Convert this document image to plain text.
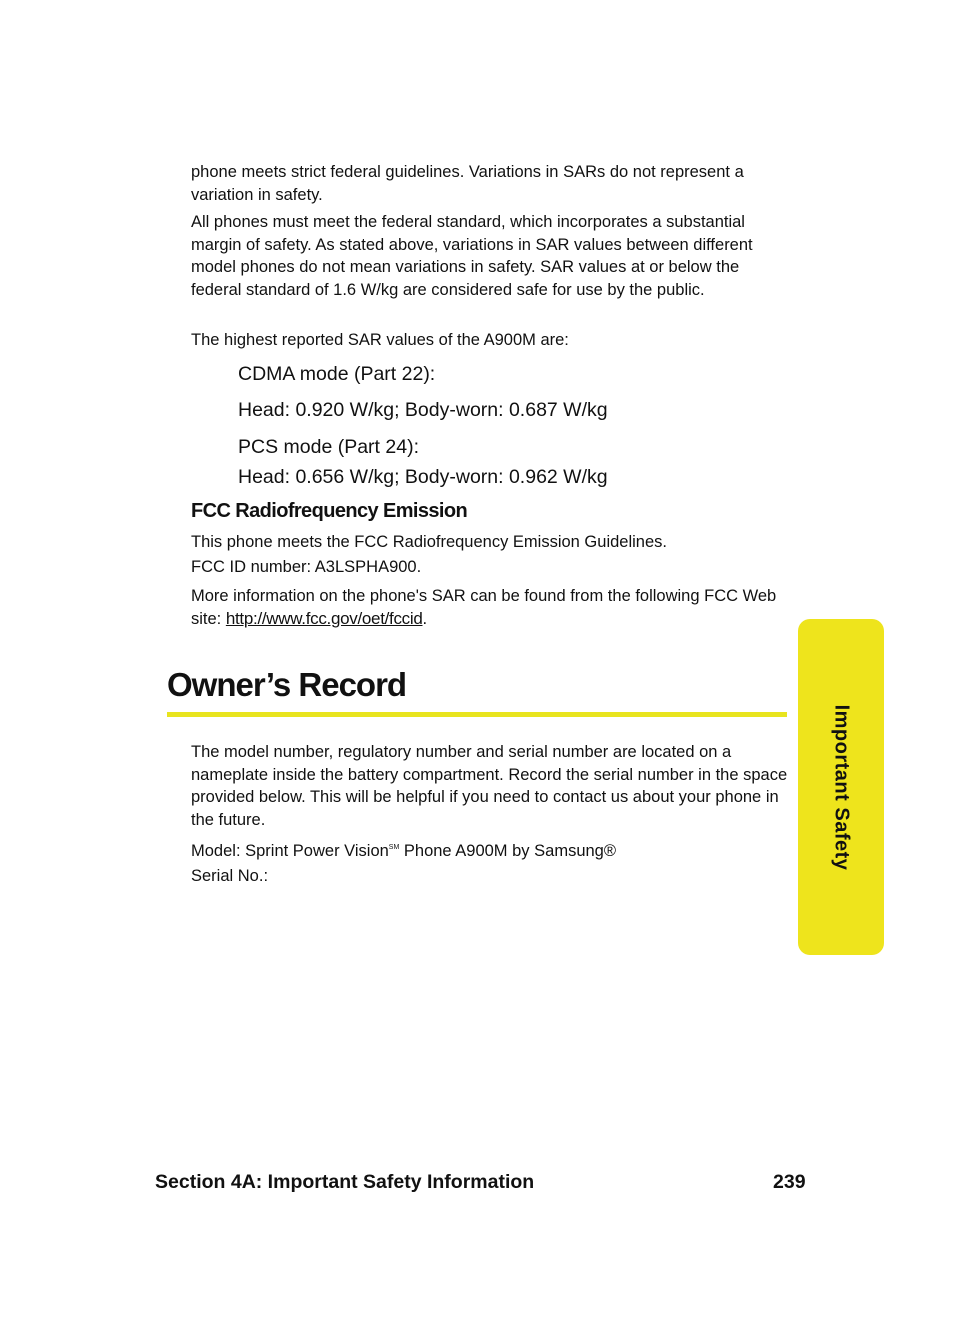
phone meets strict federal guidelines. Variations in SARs do not represent a variation in safety.

All phones must meet the federal standard, which incorporates a substantial margin of safety. As stated above, variations in SAR values between different model phones do not mean variations in safety. SAR values at or below the federal standard of 1.6 W/kg are considered safe for use by the public.

The highest reported SAR values of the A900M are:

CDMA mode (Part 22):

Head: 0.920 W/kg; Body-worn: 0.687 W/kg

PCS mode (Part 24):

Head: 0.656 W/kg; Body-worn: 0.962 W/kg

FCC Radiofrequency Emission

This phone meets the FCC Radiofrequency Emission Guidelines.

FCC ID number: A3LSPHA900.

More information on the phone's SAR can be found from the following FCC Web site: http://www.fcc.gov/oet/fccid.

Owner’s Record

The model number, regulatory number and serial number are located on a nameplate inside the battery compartment. Record the serial number in the space provided below. This will be helpful if you need to contact us about your phone in the future.

Model: Sprint Power Vision℠ Phone A900M by Samsung®

Serial No.:

Important Safety

Section 4A: Important Safety Information	239
